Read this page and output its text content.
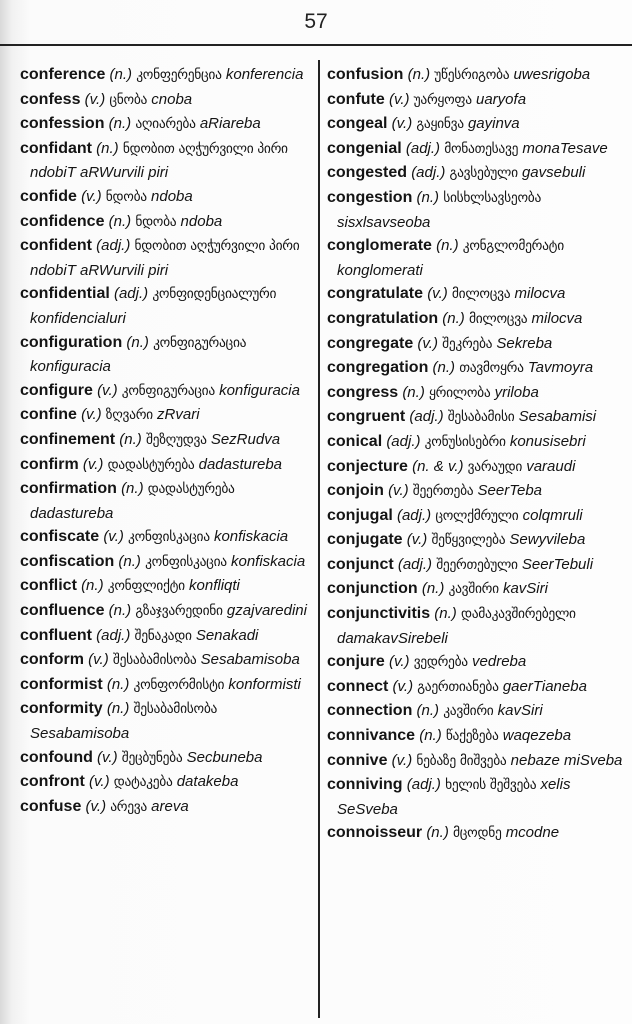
57
conference (n.) კონფერენცია konferencia
confess (v.) ცნობა cnoba
confession (n.) აღიარება aRiareba
confidant (n.) ნდობით აღჭურვილი პირი ndobiT aRWurvili piri
confide (v.) ნდობა ndoba
confidence (n.) ნდობა ndoba
confident (adj.) ნდობით აღჭურვილი პირი ndobiT aRWurvili piri
confidential (adj.) კონფიდენციალური konfidencialuri
configuration (n.) კონფიგურაცია konfiguracia
configure (v.) კონფიგურაცია konfiguracia
confine (v.) ზღვარი zRvari
confinement (n.) შეზღუდვა SezRudva
confirm (v.) დადასტურება dadastureba
confirmation (n.) დადასტურება dadastureba
confiscate (v.) კონფისკაცია konfiskacia
confiscation (n.) კონფისკაცია konfiskacia
conflict (n.) კონფლიქტი konfliqti
confluence (n.) გზაჯვარედინი gzajvaredini
confluent (adj.) შენაკადი Senakadi
conform (v.) შესაბამისობა Sesabamisoba
conformist (n.) კონფორმისტი konformisti
conformity (n.) შესაბამისობა Sesabamisoba
confound (v.) შეცბუნება Secbuneba
confront (v.) დატაკება datakeba
confuse (v.) არევა areva
confusion (n.) უწესრიგობა uwesrigoba
confute (v.) უარყოფა uaryofa
congeal (v.) გაყინვა gayinva
congenial (adj.) მონათესავე monaTesave
congested (adj.) გავსებული gavsebuli
congestion (n.) სისხლსავსეობა sisxlsavseoba
conglomerate (n.) კონგლომერატი konglomerati
congratulate (v.) მილოცვა milocva
congratulation (n.) მილოცვა milocva
congregate (v.) შეკრება Sekreba
congregation (n.) თავმოყრა Tavmoyra
congress (n.) ყრილობა yriloba
congruent (adj.) შესაბამისი Sesabamisi
conical (adj.) კონუსისებრი konusisebri
conjecture (n. & v.) ვარაუდი varaudi
conjoin (v.) შეერთება SeerTeba
conjugal (adj.) ცოლქმრული colqmruli
conjugate (v.) შეწყვილება Sewyvileba
conjunct (adj.) შეერთებული SeerTebuli
conjunction (n.) კავშირი kavSiri
conjunctivitis (n.) დამაკავშირებელი damakavSirebeli
conjure (v.) ვედრება vedreba
connect (v.) გაერთიანება gaerTianeba
connection (n.) კავშირი kavSiri
connivance (n.) წაქეზება waqezeba
connive (v.) ნებაზე მიშვება nebaze miSveba
conniving (adj.) ხელის შეშვება xelis SeSveba
connoisseur (n.) მცოდნე mcodne
